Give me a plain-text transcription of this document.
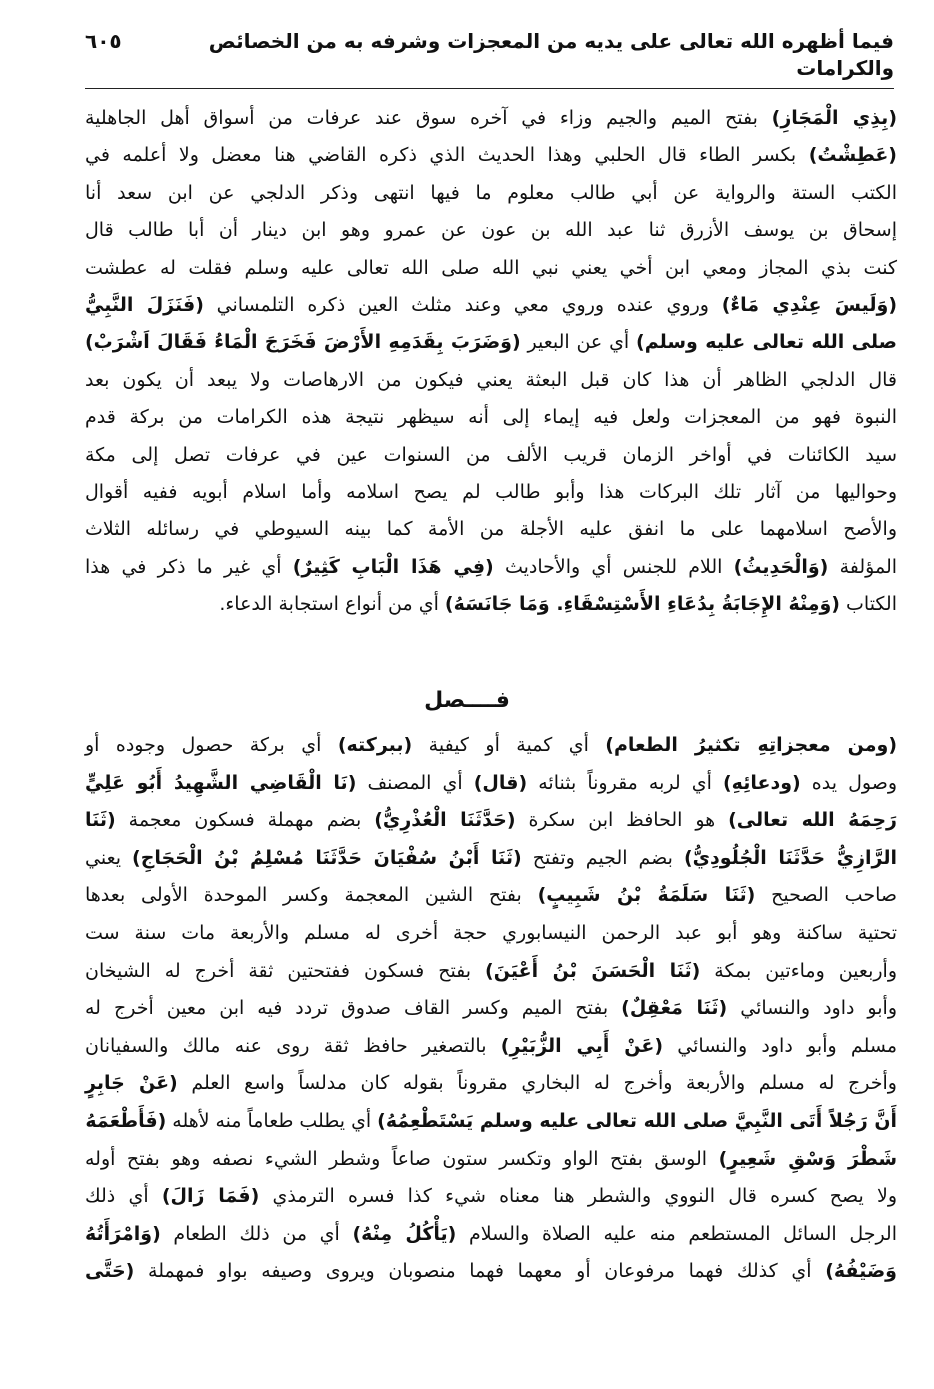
فيما أظهره الله تعالى على يديه من المعجزات وشرفه به من الخصائص والكرامات
٦٠٥
(بِذِي الْمَجَازِ) بفتح الميم والجيم وزاء في آخره سوق عند عرفات من أسواق أهل الجاهلية
(عَطِشْتُ) بكسر الطاء قال الحلبي وهذا الحديث الذي ذكره القاضي هنا معضل ولا أعلمه في
الكتب الستة والرواية عن أبي طالب معلوم ما فيها انتهى وذكر الدلجي عن ابن سعد أنا
إسحاق بن يوسف الأزرق ثنا عبد الله بن عون عن عمرو وهو ابن دينار أن أبا طالب قال
كنت بذي المجاز ومعي ابن أخي يعني نبي الله صلى الله تعالى عليه وسلم فقلت له عطشت
(وَلَيسَ عِنْدِي مَاءٌ) وروي عنده وروي معي وعند مثلث العين ذكره التلمساني (فَنَزَلَ النَّبِيُّ
صلى الله تعالى عليه وسلم) أي عن البعير (وَضَرَبَ بِقَدَمِهِ الأَرْضَ فَخَرَجَ الْمَاءُ فَقَالَ اَشْرَبْ)
قال الدلجي الظاهر أن هذا كان قبل البعثة يعني فيكون من الارهاصات ولا يبعد أن يكون بعد
النبوة فهو من المعجزات ولعل فيه إيماء إلى أنه سيظهر نتيجة هذه الكرامات من بركة قدم
سيد الكائنات في أواخر الزمان قريب الألف من السنوات عين في عرفات تصل إلى مكة
وحواليها من آثار تلك البركات هذا وأبو طالب لم يصح اسلامه وأما اسلام أبويه ففيه أقوال
والأصح اسلامهما على ما انفق عليه الأجلة من الأمة كما بينه السيوطي في رسائله الثلاث
المؤلفة (وَالْحَدِيثُ) اللام للجنس أي والأحاديث (فِي هَذَا الْبَابِ كَثِيرٌ) أي غير ما ذكر في هذا
الكتاب (وَمِنْهُ الإِجَابَةُ بِدُعَاءِ الأَسْتِسْقَاءِ. وَمَا جَانَسَهُ) أي من أنواع استجابة الدعاء.
فــــصل
(ومن معجزاتِهِ تكثيرُ الطعام) أي كمية أو كيفية (ببركته) أي بركة حصول وجوده أو
وصول يده (ودعائِهِ) أي لربه مقروناً بثنائه (قال) أي المصنف (نَا الْقَاضِي الشَّهِيدُ أَبُو عَلِيٍّ
رَحِمَهُ الله تعالى) هو الحافظ ابن سكرة (حَدَّثَنَا الْعُذْرِيُّ) بضم مهملة فسكون معجمة (ثَنَا
الرَّازِيُّ حَدَّثَنَا الْجُلُودِيُّ) بضم الجيم وتفتح (ثَنَا أَبْنُ سُفْيَانَ حَدَّثَنَا مُسْلِمُ بْنُ الْحَجَاجِ) يعني
صاحب الصحيح (ثَنَا سَلَمَةُ بْنُ شَبِيبٍ) بفتح الشين المعجمة وكسر الموحدة الأولى بعدها
تحتية ساكنة وهو أبو عبد الرحمن النيسابوري حجة أخرى له مسلم والأربعة مات سنة ست
وأربعين وماءتين بمكة (ثَنَا الْحَسَنَ بْنُ أَعْيَنَ) بفتح فسكون ففتحتين ثقة أخرج له الشيخان
وأبو داود والنسائي (ثَنَا مَعْقِلٌ) بفتح الميم وكسر القاف صدوق تردد فيه ابن معين أخرج له
مسلم وأبو داود والنسائي (عَنْ أَبِي الزُّبَيْرِ) بالتصغير حافظ ثقة روى عنه مالك والسفيانان
وأخرج له مسلم والأربعة وأخرج له البخاري مقروناً بقوله كان مدلساً واسع العلم (عَنْ جَابِرٍ
أَنَّ رَجُلاً أَتَى النَّبِيَّ صلى الله تعالى عليه وسلم يَسْتَطْعِمُهُ) أي يطلب طعاماً منه لأهله (فَأَطْعَمَهُ
شَطْرَ وَسْقِ شَعِيرٍ) الوسق بفتح الواو وتكسر ستون صاعاً وشطر الشيء نصفه وهو بفتح أوله
ولا يصح كسره قال النووي والشطر هنا معناه شيء كذا فسره الترمذي (فَمَا زَالَ) أي ذلك
الرجل السائل المستطعم منه عليه الصلاة والسلام (يَأْكُلُ مِنْهُ) أي من ذلك الطعام (وَامْرَأَتُهُ
وَضَيْفُهُ) أي كذلك فهما مرفوعان أو معهما فهما منصوبان ويروى وصيفه بواو فمهملة (حَتَّى
